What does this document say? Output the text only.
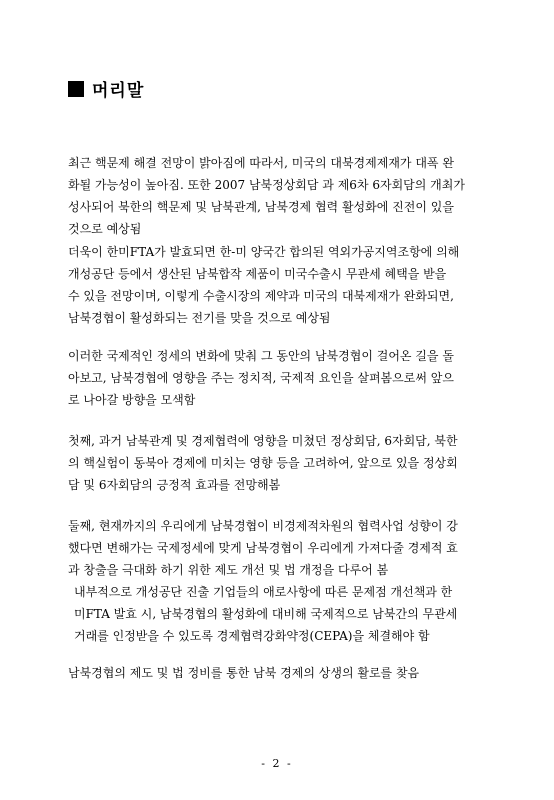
머리말

최근 핵문제 해결 전망이 밝아짐에 따라서, 미국의 대북경제제재가 대폭 완
화될 가능성이 높아짐. 또한 2007 남북정상회담 과 제6차 6자회담의 개최가
성사되어 북한의 핵문제 및 남북관계, 남북경제 협력 활성화에 진전이 있을
것으로 예상됨

더욱이 한미FTA가 발효되면 한-미 양국간 합의된 역외가공지역조항에 의해
개성공단 등에서 생산된 남북합작 제품이 미국수출시 무관세 혜택을 받을
수 있을 전망이며, 이렇게 수출시장의 제약과 미국의 대북제재가 완화되면,
남북경협이 활성화되는 전기를 맞을 것으로 예상됨

이러한 국제적인 정세의 변화에 맞춰 그 동안의 남북경협이 걸어온 길을 돌
아보고, 남북경협에 영향을 주는 정치적, 국제적 요인을 살펴봄으로써 앞으
로 나아갈 방향을 모색함

첫째, 과거 남북관계 및 경제협력에 영향을 미쳤던 정상회담, 6자회담, 북한
의 핵실험이 동북아 경제에 미치는 영향 등을 고려하여, 앞으로 있을 정상회
담 및 6자회담의 긍정적 효과를 전망해봄

둘째, 현재까지의 우리에게 남북경협이 비경제적차원의 협력사업 성향이 강
했다면 변해가는 국제정세에 맞게 남북경협이 우리에게 가져다줄 경제적 효
과 창출을 극대화 하기 위한 제도 개선 및 법 개정을 다루어 봄
내부적으로 개성공단 진출 기업들의 애로사항에 따른 문제점 개선책과 한
미FTA 발효 시, 남북경협의 활성화에 대비해 국제적으로 남북간의 무관세
거래를 인정받을 수 있도록 경제협력강화약정(CEPA)을 체결해야 함

남북경협의 제도 및 법 정비를 통한 남북 경제의 상생의 활로를 찾음

- 2 -
